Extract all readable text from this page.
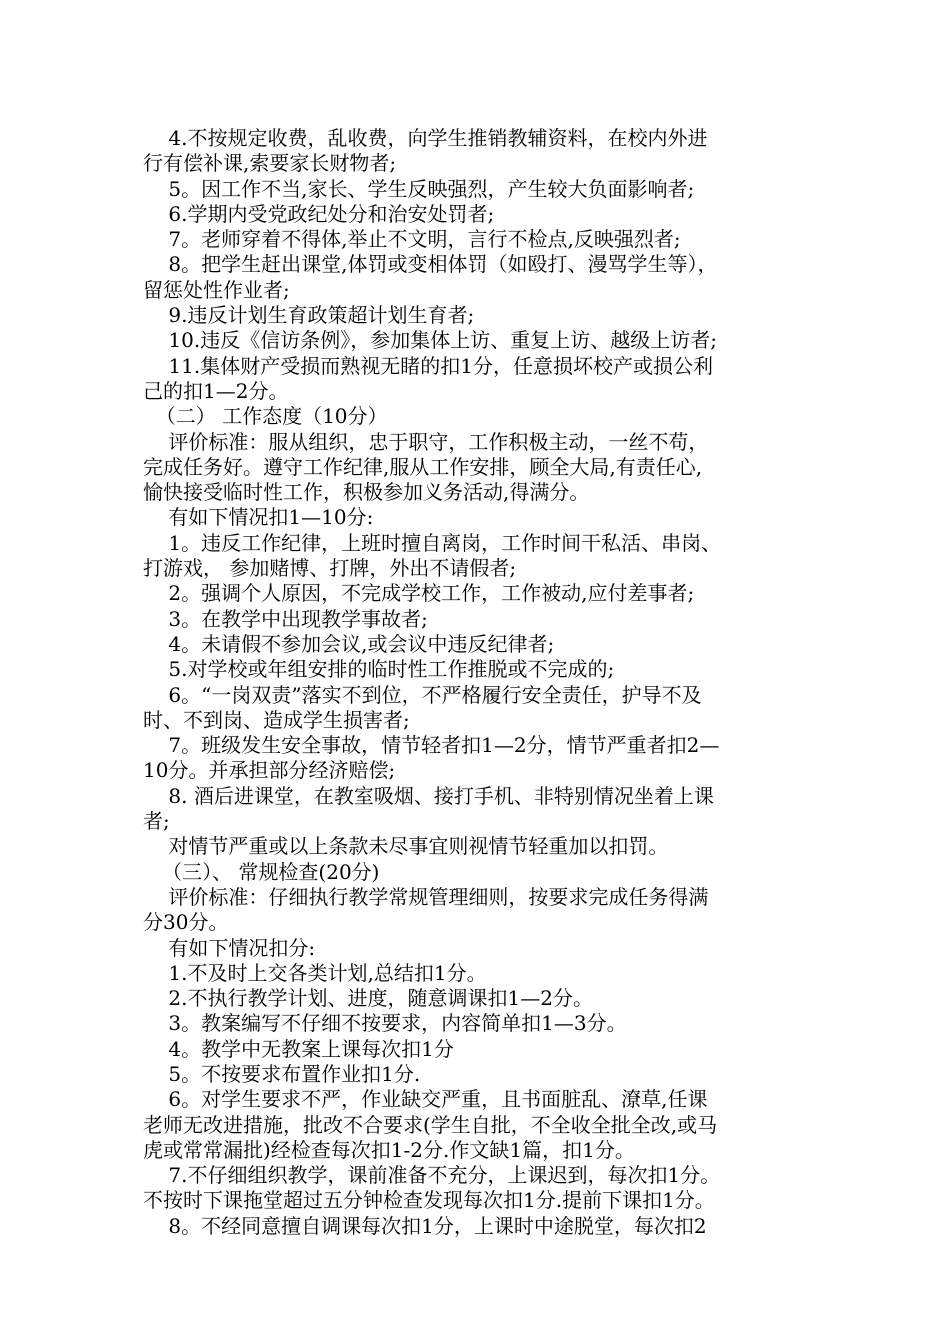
4.不按规定收费，乱收费，向学生推销教辅资料，在校内外进
行有偿补课,索要家长财物者;
5。因工作不当,家长、学生反映强烈，产生较大负面影响者;
6.学期内受党政纪处分和治安处罚者;
7。老师穿着不得体,举止不文明，言行不检点,反映强烈者;
8。把学生赶出课堂,体罚或变相体罚（如殴打、漫骂学生等），
留惩处性作业者;
9.违反计划生育政策超计划生育者;
10.违反《信访条例》，参加集体上访、重复上访、越级上访者;
11.集体财产受损而熟视无睹的扣1分，任意损坏校产或损公利
己的扣1—2分。
（二） 工作态度（10分）
评价标准：服从组织，忠于职守，工作积极主动，一丝不苟，
完成任务好。遵守工作纪律,服从工作安排，顾全大局,有责任心,
愉快接受临时性工作，积极参加义务活动,得满分。
有如下情况扣1—10分:
1。违反工作纪律，上班时擅自离岗，工作时间干私活、串岗、
打游戏， 参加赌博、打牌，外出不请假者;
2。强调个人原因，不完成学校工作，工作被动,应付差事者;
3。在教学中出现教学事故者;
4。未请假不参加会议,或会议中违反纪律者;
5.对学校或年组安排的临时性工作推脱或不完成的;
6。“一岗双责”落实不到位，不严格履行安全责任，护导不及
时、不到岗、造成学生损害者;
7。班级发生安全事故，情节轻者扣1—2分，情节严重者扣2—
10分。并承担部分经济赔偿;
8. 酒后进课堂，在教室吸烟、接打手机、非特别情况坐着上课
者;
对情节严重或以上条款未尽事宜则视情节轻重加以扣罚。
（三）、 常规检查(20分)
评价标准：仔细执行教学常规管理细则，按要求完成任务得满
分30分。
有如下情况扣分:
1.不及时上交各类计划,总结扣1分。
2.不执行教学计划、进度，随意调课扣1—2分。
3。教案编写不仔细不按要求，内容简单扣1—3分。
4。教学中无教案上课每次扣1分
5。不按要求布置作业扣1分.
6。对学生要求不严，作业缺交严重，且书面脏乱、潦草,任课
老师无改进措施，批改不合要求(学生自批，不全收全批全改,或马
虎或常常漏批)经检查每次扣1-2分.作文缺1篇，扣1分。
7.不仔细组织教学，课前准备不充分，上课迟到，每次扣1分。
不按时下课拖堂超过五分钟检查发现每次扣1分.提前下课扣1分。
8。不经同意擅自调课每次扣1分，上课时中途脱堂，每次扣2
